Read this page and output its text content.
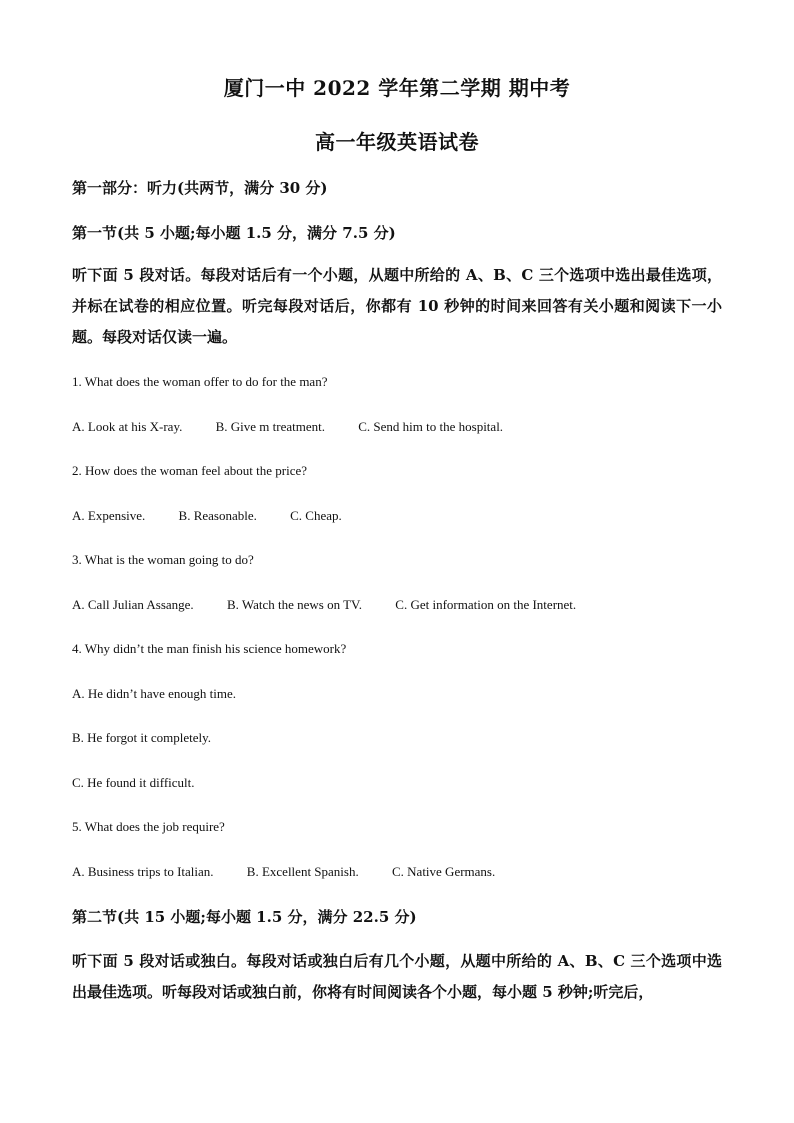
厦门一中 2022 学年第二学期 期中考
高一年级英语试卷
第一部分：听力(共两节，满分 30 分)
第一节(共 5 小题;每小题 1.5 分，满分 7.5 分)
听下面 5 段对话。每段对话后有一个小题，从题中所给的 A、B、C 三个选项中选出最佳选项，并标在试卷的相应位置。听完每段对话后，你都有 10 秒钟的时间来回答有关小题和阅读下一小题。每段对话仅读一遍。
1. What does the woman offer to do for the man?
A. Look at his X-ray.	B. Give m treatment.	C. Send him to the hospital.
2. How does the woman feel about the price?
A. Expensive.	B. Reasonable.	C. Cheap.
3. What is the woman going to do?
A. Call Julian Assange.	B. Watch the news on TV.	C. Get information on the Internet.
4. Why didn’t the man finish his science homework?
A. He didn’t have enough time.
B. He forgot it completely.
C. He found it difficult.
5. What does the job require?
A. Business trips to Italian.	B. Excellent Spanish.	C. Native Germans.
第二节(共 15 小题;每小题 1.5 分，满分 22.5 分)
听下面 5 段对话或独白。每段对话或独白后有几个小题，从题中所给的 A、B、C 三个选项中选出最佳选项。听每段对话或独白前，你将有时间阅读各个小题，每小题 5 秒钟;听完后，
